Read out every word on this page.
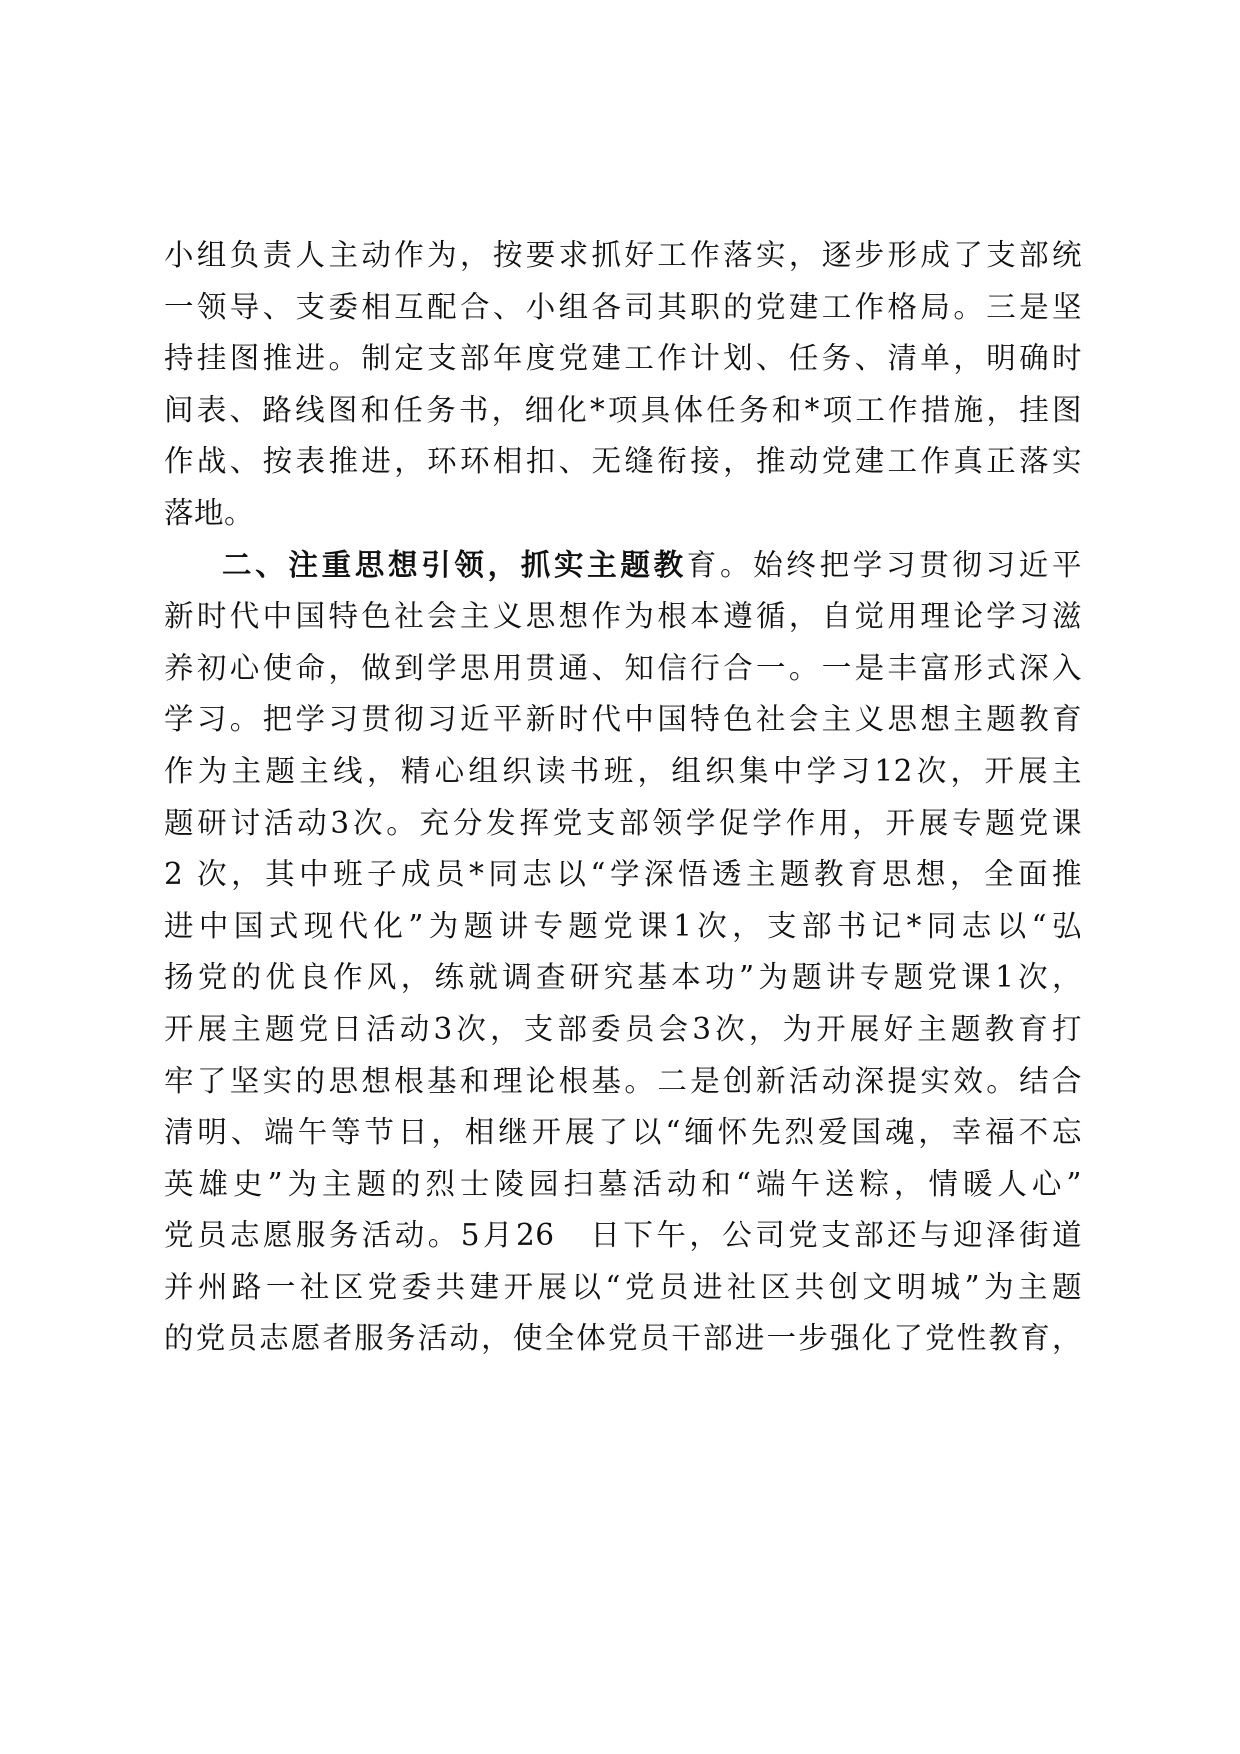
小组负责人主动作为，按要求抓好工作落实，逐步形成了支部统
一领导、支委相互配合、小组各司其职的党建工作格局。三是坚
持挂图推进。制定支部年度党建工作计划、任务、清单，明确时
间表、路线图和任务书，细化*项具体任务和*项工作措施，挂图
作战、按表推进，环环相扣、无缝衔接，推动党建工作真正落实
落地。
二、注重思想引领，抓实主题教育。始终把学习贯彻习近平
新时代中国特色社会主义思想作为根本遵循，自觉用理论学习滋
养初心使命，做到学思用贯通、知信行合一。一是丰富形式深入
学习。把学习贯彻习近平新时代中国特色社会主义思想主题教育
作为主题主线，精心组织读书班，组织集中学习12次，开展主
题研讨活动3次。充分发挥党支部领学促学作用，开展专题党课
2 次，其中班子成员*同志以“学深悟透主题教育思想，全面推
进中国式现代化”为题讲专题党课1次，支部书记*同志以“弘
扬党的优良作风，练就调查研究基本功”为题讲专题党课1次，
开展主题党日活动3次，支部委员会3次，为开展好主题教育打
牢了坚实的思想根基和理论根基。二是创新活动深提实效。结合
清明、端午等节日，相继开展了以“缅怀先烈爱国魂，幸福不忘
英雄史”为主题的烈士陵园扫墓活动和“端午送粽，情暖人心”
党员志愿服务活动。5月26　日下午，公司党支部还与迎泽街道
并州路一社区党委共建开展以“党员进社区共创文明城”为主题
的党员志愿者服务活动，使全体党员干部进一步强化了党性教育，
